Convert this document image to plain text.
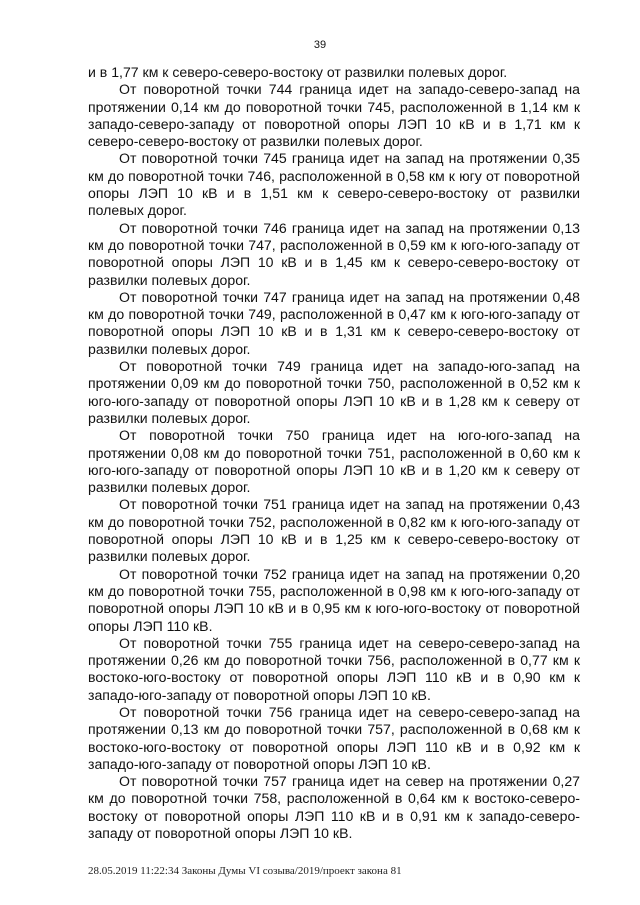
39

и в 1,77 км к северо-северо-востоку от развилки полевых дорог.

От поворотной точки 744 граница идет на западо-северо-запад на протяжении 0,14 км до поворотной точки 745, расположенной в 1,14 км к западо-северо-западу от поворотной опоры ЛЭП 10 кВ и в 1,71 км к северо-северо-востоку от развилки полевых дорог.

От поворотной точки 745 граница идет на запад на протяжении 0,35 км до поворотной точки 746, расположенной в 0,58 км к югу от поворотной опоры ЛЭП 10 кВ и в 1,51 км к северо-северо-востоку от развилки полевых дорог.

От поворотной точки 746 граница идет на запад на протяжении 0,13 км до поворотной точки 747, расположенной в 0,59 км к юго-юго-западу от поворотной опоры ЛЭП 10 кВ и в 1,45 км к северо-северо-востоку от развилки полевых дорог.

От поворотной точки 747 граница идет на запад на протяжении 0,48 км до поворотной точки 749, расположенной в 0,47 км к юго-юго-западу от поворотной опоры ЛЭП 10 кВ и в 1,31 км к северо-северо-востоку от развилки полевых дорог.

От поворотной точки 749 граница идет на западо-юго-запад на протяжении 0,09 км до поворотной точки 750, расположенной в 0,52 км к юго-юго-западу от поворотной опоры ЛЭП 10 кВ и в 1,28 км к северу от развилки полевых дорог.

От поворотной точки 750 граница идет на юго-юго-запад на протяжении 0,08 км до поворотной точки 751, расположенной в 0,60 км к юго-юго-западу от поворотной опоры ЛЭП 10 кВ и в 1,20 км к северу от развилки полевых дорог.

От поворотной точки 751 граница идет на запад на протяжении 0,43 км до поворотной точки 752, расположенной в 0,82 км к юго-юго-западу от поворотной опоры ЛЭП 10 кВ и в 1,25 км к северо-северо-востоку от развилки полевых дорог.

От поворотной точки 752 граница идет на запад на протяжении 0,20 км до поворотной точки 755, расположенной в 0,98 км к юго-юго-западу от поворотной опоры ЛЭП 10 кВ и в 0,95 км к юго-юго-востоку от поворотной опоры ЛЭП 110 кВ.

От поворотной точки 755 граница идет на северо-северо-запад на протяжении 0,26 км до поворотной точки 756, расположенной в 0,77 км к востоко-юго-востоку от поворотной опоры ЛЭП 110 кВ и в 0,90 км к западо-юго-западу от поворотной опоры ЛЭП 10 кВ.

От поворотной точки 756 граница идет на северо-северо-запад на протяжении 0,13 км до поворотной точки 757, расположенной в 0,68 км к востоко-юго-востоку от поворотной опоры ЛЭП 110 кВ и в 0,92 км к западо-юго-западу от поворотной опоры ЛЭП 10 кВ.

От поворотной точки 757 граница идет на север на протяжении 0,27 км до поворотной точки 758, расположенной в 0,64 км к востоко-северо-востоку от поворотной опоры ЛЭП 110 кВ и в 0,91 км к западо-северо-западу от поворотной опоры ЛЭП 10 кВ.

28.05.2019 11:22:34 Законы Думы VI созыва/2019/проект закона 81
